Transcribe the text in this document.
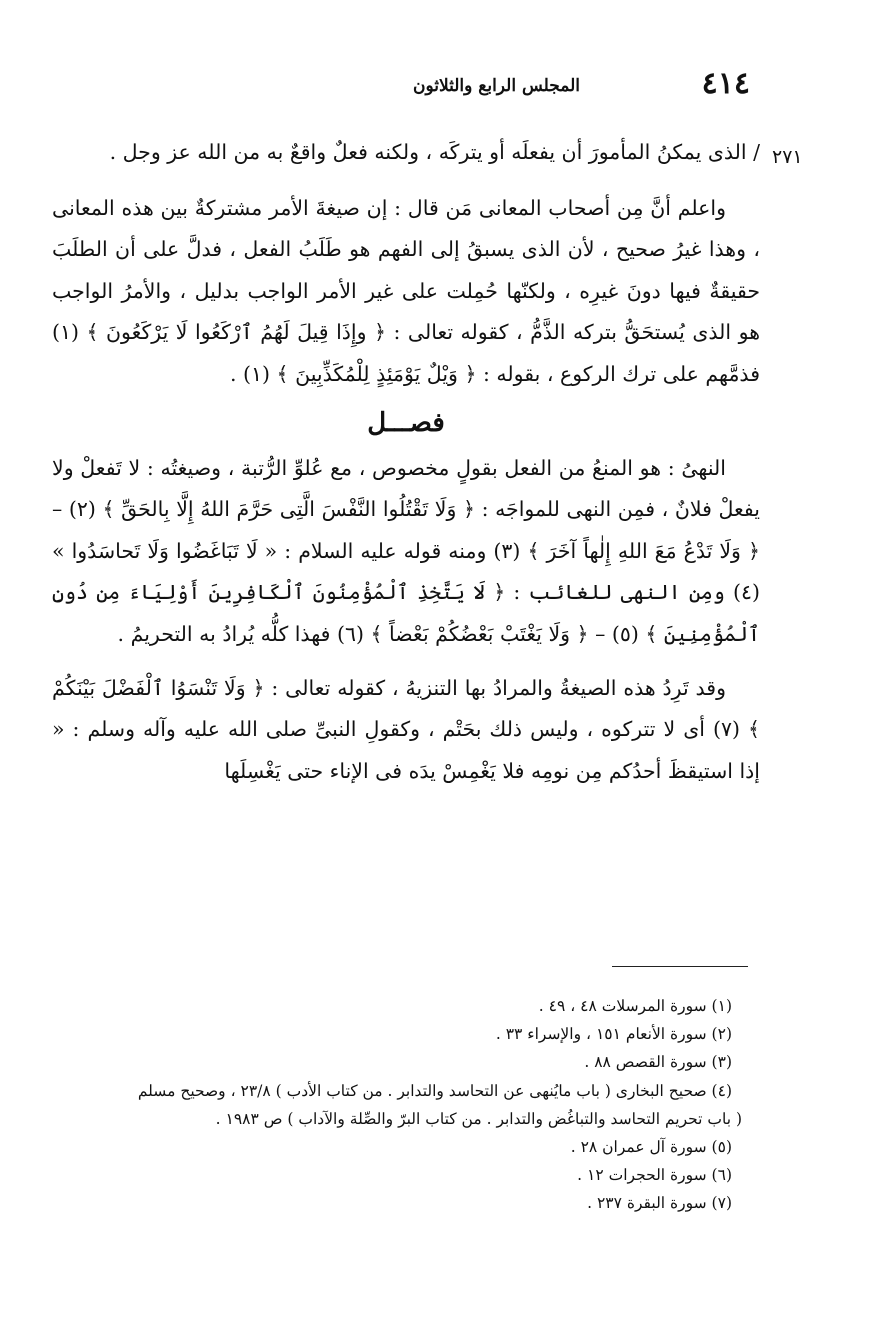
٤١٤
المجلس الرابع والثلاثون
٢٧١

/ الذى يمكنُ المأمورَ أن يفعلَه أو يتركَه ، ولكنه فعلٌ واقعٌ به من الله عز وجل .

واعلم أنَّ مِن أصحاب المعانى مَن قال : إن صيغةَ الأمر مشتركةٌ بين هذه المعانى ، وهذا غيرُ صحيح ، لأن الذى يسبقُ إلى الفهم هو طَلَبُ الفعل ، فدلَّ على أن الطلَبَ حقيقةٌ فيها دونَ غيرِه ، ولكنّها حُمِلت على غير الأمر الواجب بدليل ، والأمرُ الواجب هو الذى يُستحَقُّ بتركه الذَّمُّ ، كقوله تعالى : ﴿ وإِذَا قِيلَ لَهُمُ ٱرْكَعُوا لَا يَرْكَعُونَ ﴾ (١) فذمَّهم على ترك الركوع ، بقوله : ﴿ وَيْلٌ يَوْمَئِذٍ لِلْمُكَذِّبِينَ ﴾ (١) .

فصـــل

النهىُ : هو المنعُ من الفعل بقولٍ مخصوص ، مع عُلوِّ الرُّتبة ، وصيغتُه : لا تَفعلْ ولا يفعلْ فلانٌ ، فمِن النهى للمواجَه : ﴿ وَلَا تَقْتُلُوا النَّفْسَ الَّتِى حَرَّمَ اللهُ إِلَّا بِالحَقِّ ﴾ (٢) – ﴿ وَلَا تَدْعُ مَعَ اللهِ إِلٰهاً آخَرَ ﴾ (٣) ومنه قوله عليه السلام : « لَا تَبَاغَضُوا وَلَا تَحاسَدُوا » (٤) ومِن النهى للغائب : ﴿ لَا يَتَّخِذِ ٱلْمُؤْمِنُونَ ٱلْكَافِرِينَ أَوْلِيَاءَ مِن دُونِ ٱلْمُؤْمِنِينَ ﴾ (٥) – ﴿ وَلَا يَغْتَبْ بَعْضُكُمْ بَعْضاً ﴾ (٦) فهذا كلُّه يُرادُ به التحريمُ .

وقد تَرِدُ هذه الصيغةُ والمرادُ بها التنزيهُ ، كقوله تعالى : ﴿ وَلَا تَنْسَوُا ٱلْفَضْلَ بَيْنَكُمْ ﴾ (٧) أى لا تتركوه ، وليس ذلك بحَتْم ، وكقولِ النبىِّ صلى الله عليه وآله وسلم : « إذا استيقظَ أحدُكم مِن نومِه فلا يَغْمِسْ يدَه فى الإناء حتى يَغْسِلَها

(١) سورة المرسلات ٤٨ ، ٤٩ .
(٢) سورة الأنعام ١٥١ ، والإسراء ٣٣ .
(٣) سورة القصص ٨٨ .
(٤) صحيح البخارى ( باب مايُنهى عن التحاسد والتدابر . من كتاب الأدب ) ٢٣/٨ ، وصحيح مسلم
( باب تحريم التحاسد والتباغُض والتدابر . من كتاب البرّ والصِّلة والآداب ) ص ١٩٨٣ .
(٥) سورة آل عمران ٢٨ .
(٦) سورة الحجرات ١٢ .
(٧) سورة البقرة ٢٣٧ .
